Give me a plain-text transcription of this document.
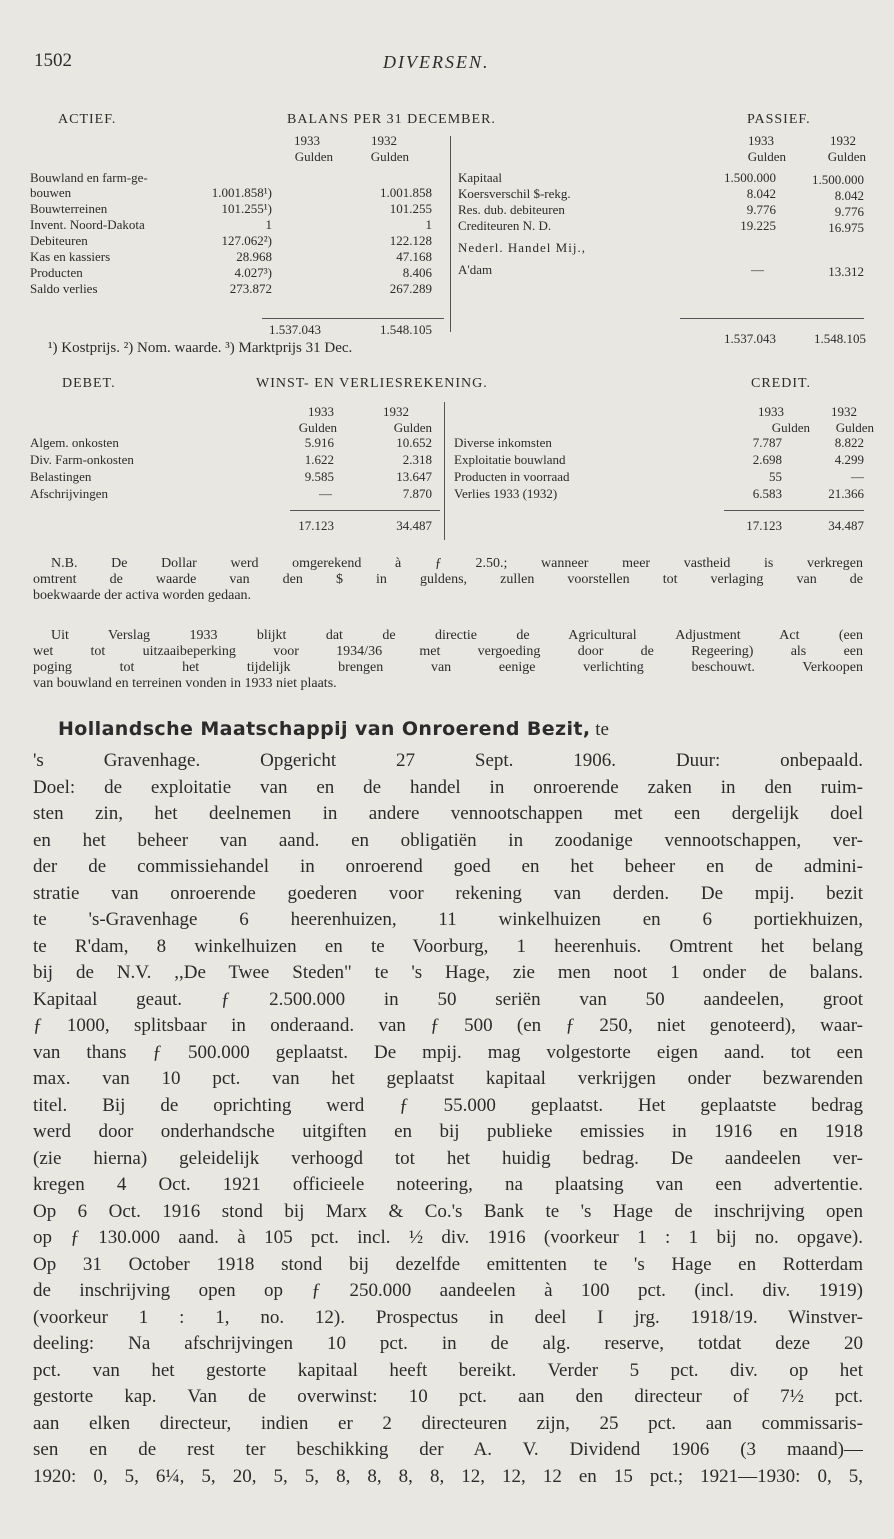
1502	DIVERSEN.
ACTIEF.	BALANS PER 31 DECEMBER.	PASSIEF.
1933	1932
Gulden	Gulden
1933	1932
Gulden	Gulden
Bouwland en farm-ge-
bouwen	1.001.858¹)	1.001.858
Bouwterreinen	101.255¹)	101.255
Invent. Noord-Dakota	1	1
Debiteuren	127.062²)	122.128
Kas en kassiers	28.968	47.168
Producten	4.027³)	8.406
Saldo verlies	273.872	267.289
Kapitaal	1.500.000	1.500.000
Koersverschil $-rekg.	8.042	8.042
Res. dub. debiteuren	9.776	9.776
Crediteuren N. D.	19.225	16.975
Nederl. Handel Mij.,
A'dam	—	13.312
1.537.043	1.548.105
1.537.043	1.548.105
¹) Kostprijs. ²) Nom. waarde. ³) Marktprijs 31 Dec.
DEBET.	WINST- EN VERLIESREKENING.	CREDIT.
1933	1932
Gulden	Gulden
1933	1932
Gulden Gulden
Algem. onkosten	5.916	10.652
Div. Farm-onkosten	1.622	2.318
Belastingen	9.585	13.647
Afschrijvingen	—	7.870
Diverse inkomsten	7.787	8.822
Exploitatie bouwland	2.698	4.299
Producten in voorraad	55	—
Verlies 1933 (1932)	6.583	21.366
17.123	34.487	17.123	34.487
N.B. De Dollar werd omgerekend à ƒ 2.50.; wanneer meer vastheid is verkregen
omtrent de waarde van den $ in guldens, zullen voorstellen tot verlaging van de
boekwaarde der activa worden gedaan.
Uit Verslag 1933 blijkt dat de directie de Agricultural Adjustment Act (een
wet tot uitzaaibeperking voor 1934/36 met vergoeding door de Regeering) als een
poging tot het tijdelijk brengen van eenige verlichting beschouwt. Verkoopen
van bouwland en terreinen vonden in 1933 niet plaats.
Hollandsche Maatschappij van Onroerend Bezit, te
's Gravenhage. Opgericht 27 Sept. 1906. Duur: onbepaald.
Doel: de exploitatie van en de handel in onroerende zaken in den ruim-
sten zin, het deelnemen in andere vennootschappen met een dergelijk doel
en het beheer van aand. en obligatiën in zoodanige vennootschappen, ver-
der de commissiehandel in onroerend goed en het beheer en de admini-
stratie van onroerende goederen voor rekening van derden. De mpij. bezit
te 's-Gravenhage 6 heerenhuizen, 11 winkelhuizen en 6 portiekhuizen,
te R'dam, 8 winkelhuizen en te Voorburg, 1 heerenhuis. Omtrent het belang
bij de N.V. ,,De Twee Steden" te 's Hage, zie men noot 1 onder de balans.
Kapitaal geaut. ƒ 2.500.000 in 50 seriën van 50 aandeelen, groot
ƒ 1000, splitsbaar in onderaand. van ƒ 500 (en ƒ 250, niet genoteerd), waar-
van thans ƒ 500.000 geplaatst. De mpij. mag volgestorte eigen aand. tot een
max. van 10 pct. van het geplaatst kapitaal verkrijgen onder bezwarenden
titel. Bij de oprichting werd ƒ 55.000 geplaatst. Het geplaatste bedrag
werd door onderhandsche uitgiften en bij publieke emissies in 1916 en 1918
(zie hierna) geleidelijk verhoogd tot het huidig bedrag. De aandeelen ver-
kregen 4 Oct. 1921 officieele noteering, na plaatsing van een advertentie.
Op 6 Oct. 1916 stond bij Marx & Co.'s Bank te 's Hage de inschrijving open
op ƒ 130.000 aand. à 105 pct. incl. ½ div. 1916 (voorkeur 1 : 1 bij no. opgave).
Op 31 October 1918 stond bij dezelfde emittenten te 's Hage en Rotterdam
de inschrijving open op ƒ 250.000 aandeelen à 100 pct. (incl. div. 1919)
(voorkeur 1 : 1, no. 12). Prospectus in deel I jrg. 1918/19. Winstver-
deeling: Na afschrijvingen 10 pct. in de alg. reserve, totdat deze 20
pct. van het gestorte kapitaal heeft bereikt. Verder 5 pct. div. op het
gestorte kap. Van de overwinst: 10 pct. aan den directeur of 7½ pct.
aan elken directeur, indien er 2 directeuren zijn, 25 pct. aan commissaris-
sen en de rest ter beschikking der A. V. Dividend 1906 (3 maand)—
1920: 0, 5, 6¼, 5, 20, 5, 5, 8, 8, 8, 8, 12, 12, 12 en 15 pct.; 1921—1930: 0, 5,
